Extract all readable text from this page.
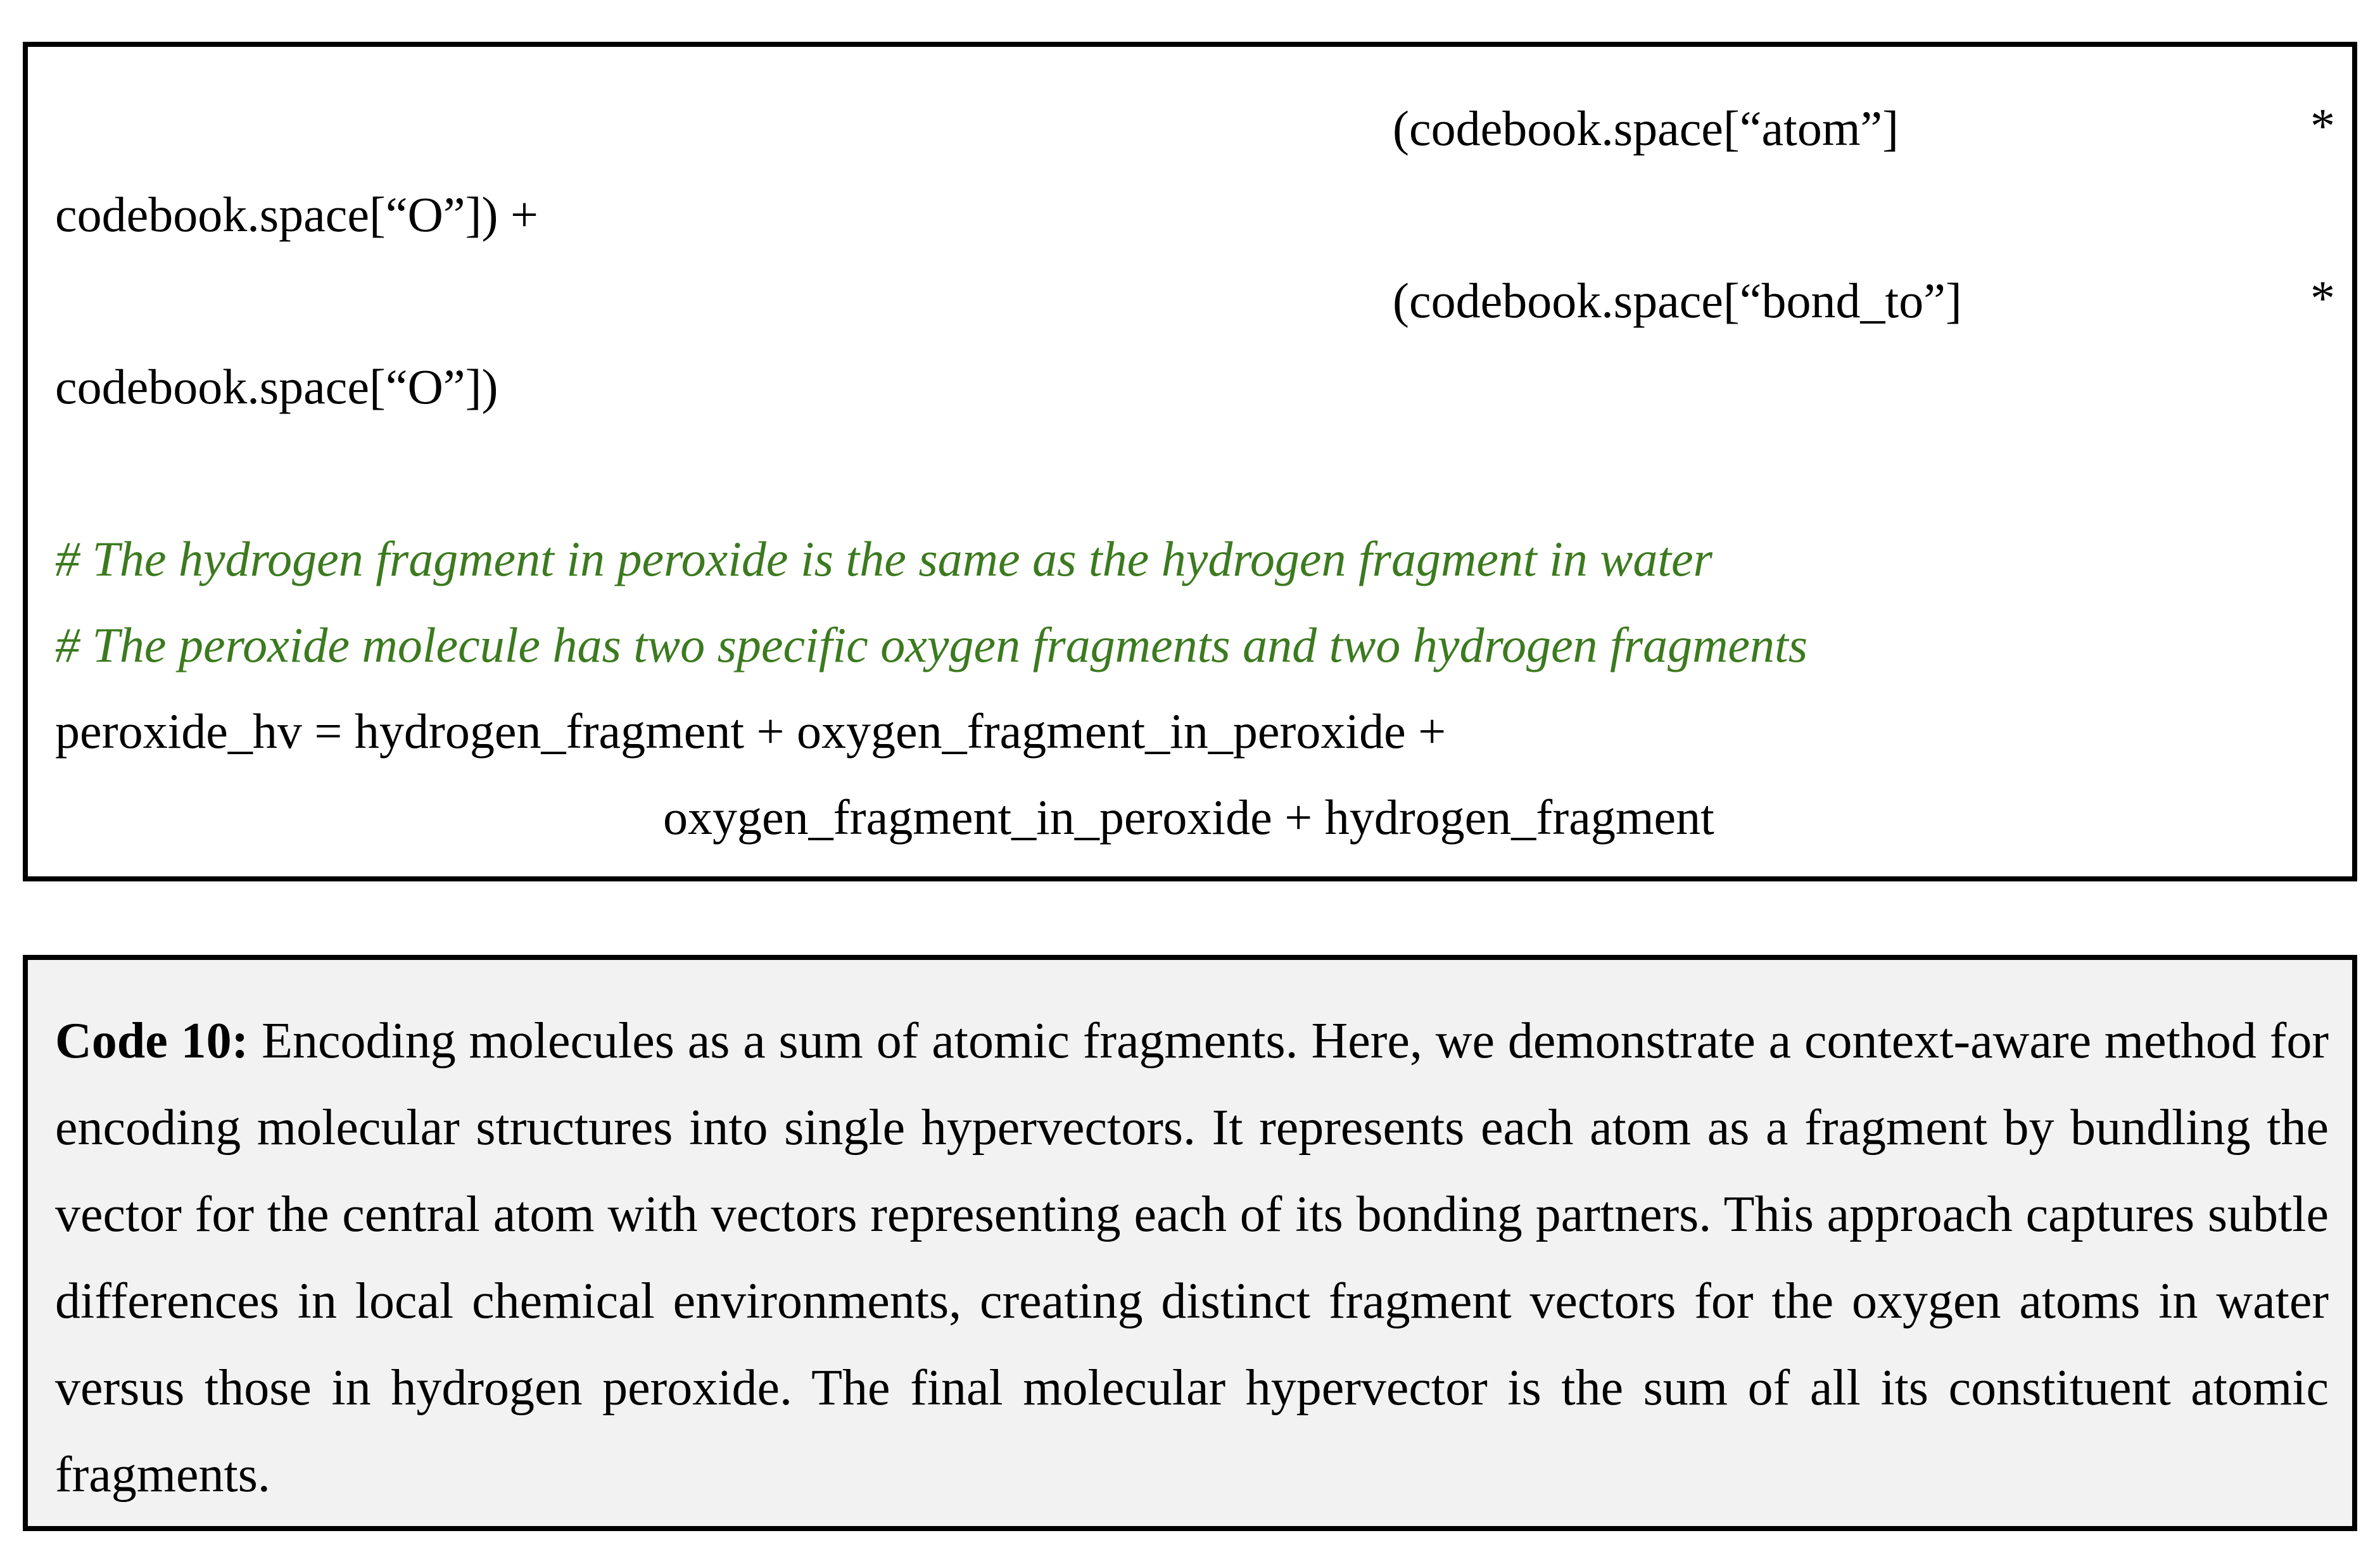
(codebook.space[“atom”]	*
codebook.space[“O”]) +
(codebook.space[“bond_to”]	*
codebook.space[“O”])
# The hydrogen fragment in peroxide is the same as the hydrogen fragment in water
# The peroxide molecule has two specific oxygen fragments and two hydrogen fragments
peroxide_hv = hydrogen_fragment + oxygen_fragment_in_peroxide +
oxygen_fragment_in_peroxide + hydrogen_fragment

Code 10: Encoding molecules as a sum of atomic fragments. Here, we demonstrate a context-aware method for encoding molecular structures into single hypervectors. It represents each atom as a fragment by bundling the vector for the central atom with vectors representing each of its bonding partners. This approach captures subtle differences in local chemical environments, creating distinct fragment vectors for the oxygen atoms in water versus those in hydrogen peroxide. The final molecular hypervector is the sum of all its constituent atomic fragments.
